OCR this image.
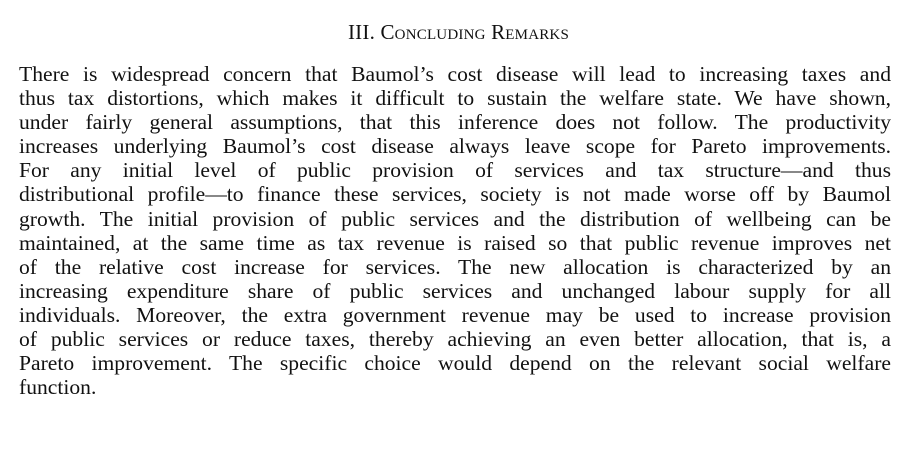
III. Concluding Remarks
There is widespread concern that Baumol’s cost disease will lead to increasing taxes and
thus tax distortions, which makes it difficult to sustain the welfare state. We have shown,
under fairly general assumptions, that this inference does not follow. The productivity
increases underlying Baumol’s cost disease always leave scope for Pareto improvements.
For any initial level of public provision of services and tax structure—and thus
distributional profile—to finance these services, society is not made worse off by Baumol
growth. The initial provision of public services and the distribution of wellbeing can be
maintained, at the same time as tax revenue is raised so that public revenue improves net
of the relative cost increase for services. The new allocation is characterized by an
increasing expenditure share of public services and unchanged labour supply for all
individuals. Moreover, the extra government revenue may be used to increase provision
of public services or reduce taxes, thereby achieving an even better allocation, that is, a
Pareto improvement. The specific choice would depend on the relevant social welfare
function.
